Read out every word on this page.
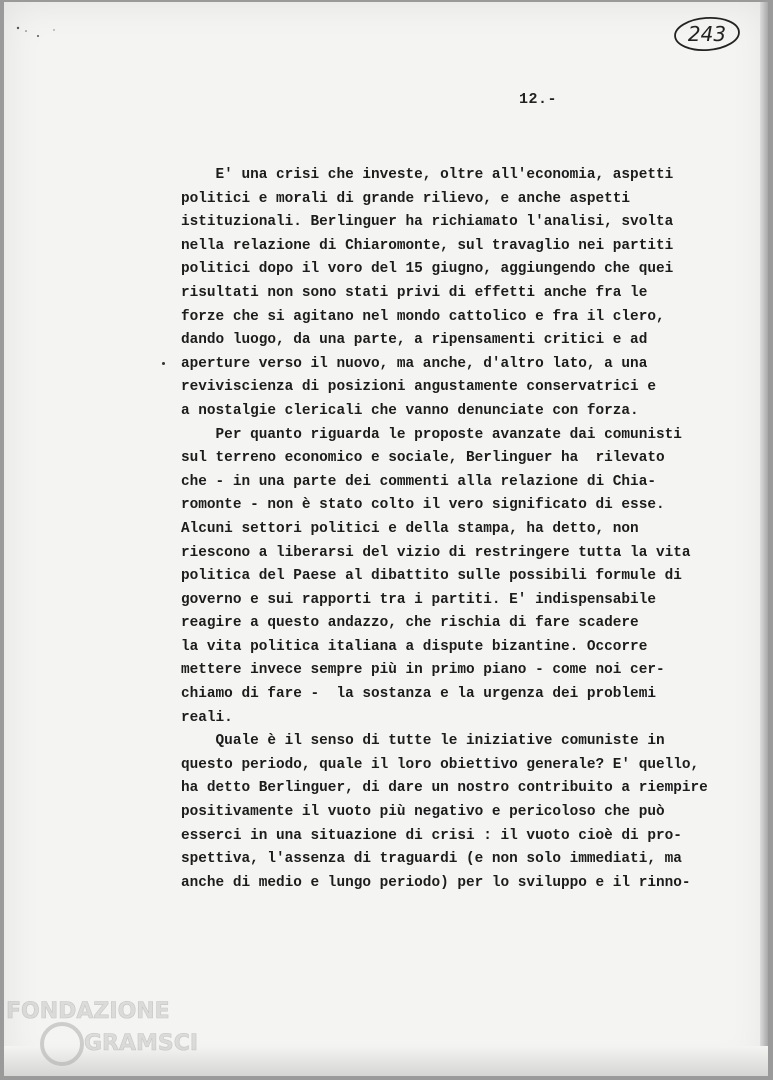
243
12.-
E' una crisi che investe, oltre all'economia, aspetti
politici e morali di grande rilievo, e anche aspetti
istituzionali. Berlinguer ha richiamato l'analisi, svolta
nella relazione di Chiaromonte, sul travaglio nei partiti
politici dopo il voro del 15 giugno, aggiungendo che quei
risultati non sono stati privi di effetti anche fra le
forze che si agitano nel mondo cattolico e fra il clero,
dando luogo, da una parte, a ripensamenti critici e ad
aperture verso il nuovo, ma anche, d'altro lato, a una
reviviscienza di posizioni angustamente conservatrici e
a nostalgie clericali che vanno denunciate con forza.
Per quanto riguarda le proposte avanzate dai comunisti
sul terreno economico e sociale, Berlinguer ha  rilevato
che - in una parte dei commenti alla relazione di Chia-
romonte - non è stato colto il vero significato di esse.
Alcuni settori politici e della stampa, ha detto, non
riescono a liberarsi del vizio di restringere tutta la vita
politica del Paese al dibattito sulle possibili formule di
governo e sui rapporti tra i partiti. E' indispensabile
reagire a questo andazzo, che rischia di fare scadere
la vita politica italiana a dispute bizantine. Occorre
mettere invece sempre più in primo piano - come noi cer-
chiamo di fare -  la sostanza e la urgenza dei problemi
reali.
Quale è il senso di tutte le iniziative comuniste in
questo periodo, quale il loro obiettivo generale? E' quello,
ha detto Berlinguer, di dare un nostro contribuito a riempire
positivamente il vuoto più negativo e pericoloso che può
esserci in una situazione di crisi : il vuoto cioè di pro-
spettiva, l'assenza di traguardi (e non solo immediati, ma
anche di medio e lungo periodo) per lo sviluppo e il rinno-
FONDAZIONE
GRAMSCI
